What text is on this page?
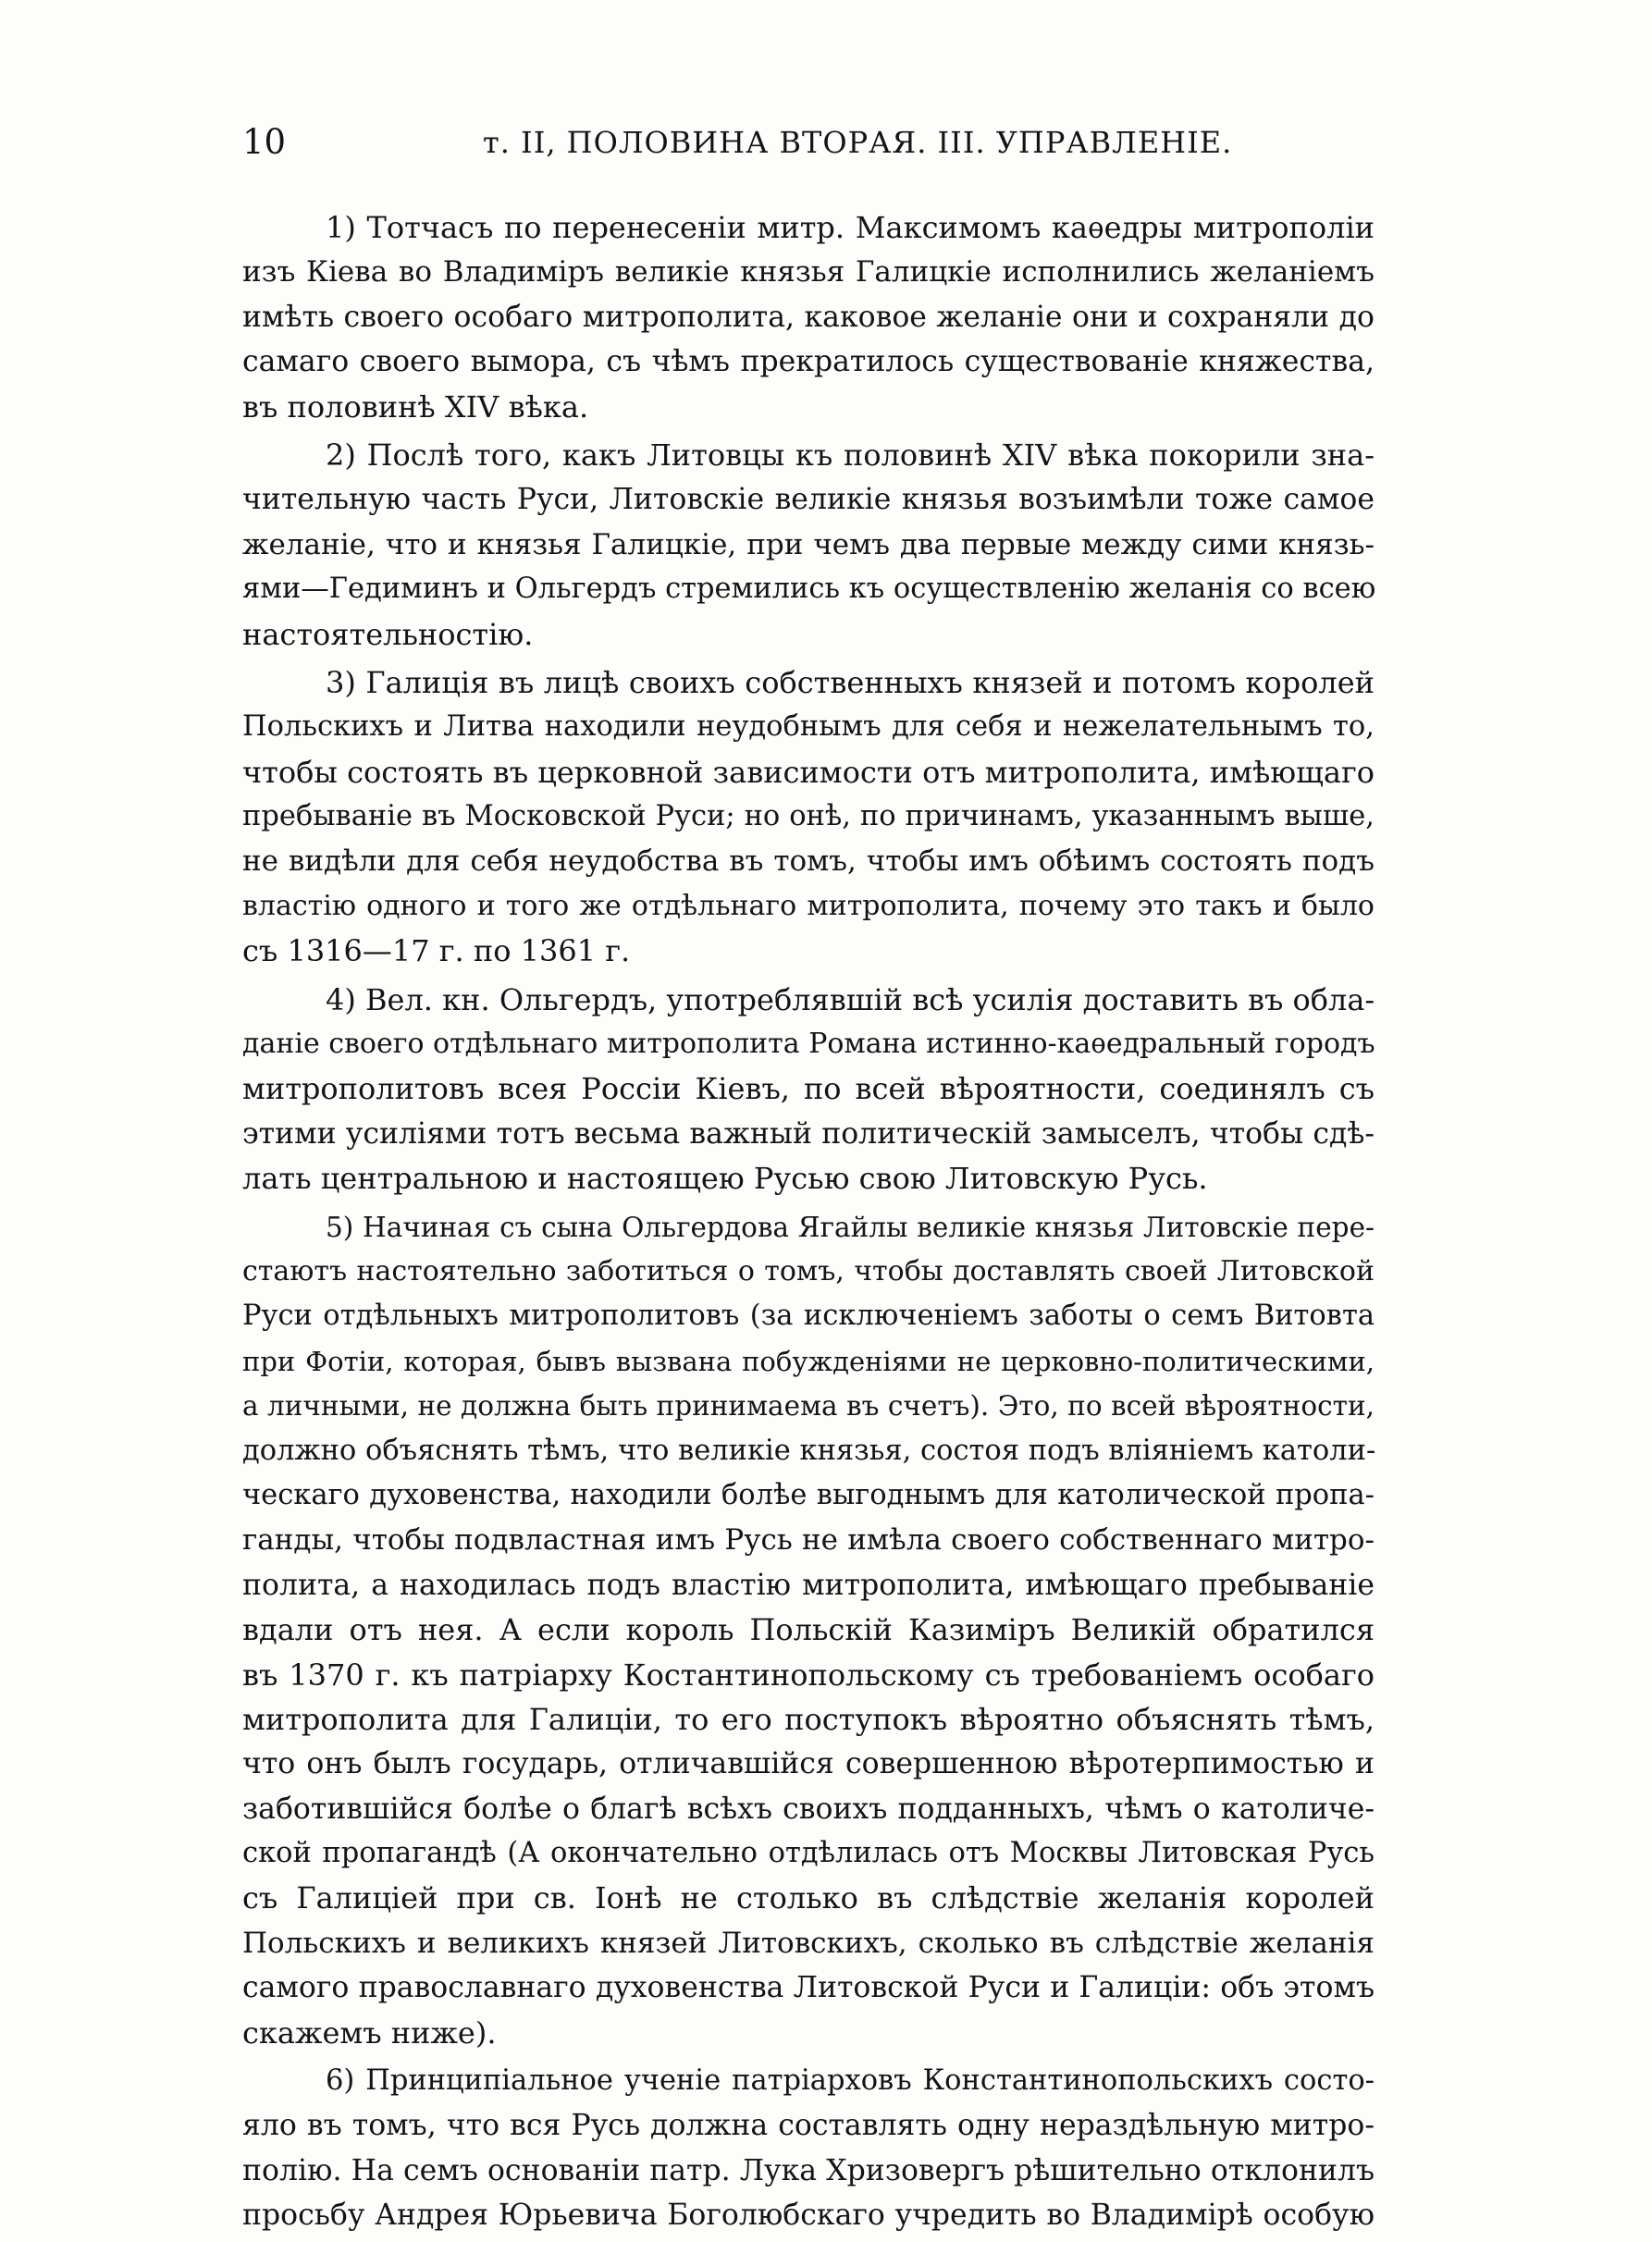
10	т. II, ПОЛОВИНА ВТОРАЯ. III. УПРАВЛЕНІЕ.
1) Тотчасъ по перенесеніи митр. Максимомъ каѳедры митрополіи
изъ Кіева во Владиміръ великіе князья Галицкіе исполнились желаніемъ
имѣть своего особаго митрополита, каковое желаніе они и сохраняли до
самаго своего вымора, съ чѣмъ прекратилось существованіе княжества,
въ половинѣ XIV вѣка.
2) Послѣ того, какъ Литовцы къ половинѣ XIV вѣка покорили зна-
чительную часть Руси, Литовскіе великіе князья возъимѣли тоже самое
желаніе, что и князья Галицкіе, при чемъ два первые между сими князь-
ями—Гедиминъ и Ольгердъ стремились къ осуществленію желанія со всею
настоятельностію.
3) Галиція въ лицѣ своихъ собственныхъ князей и потомъ королей
Польскихъ и Литва находили неудобнымъ для себя и нежелательнымъ то,
чтобы состоять въ церковной зависимости отъ митрополита, имѣющаго
пребываніе въ Московской Руси; но онѣ, по причинамъ, указаннымъ выше,
не видѣли для себя неудобства въ томъ, чтобы имъ обѣимъ состоять подъ
властію одного и того же отдѣльнаго митрополита, почему это такъ и было
съ 1316—17 г. по 1361 г.
4) Вел. кн. Ольгердъ, употреблявшій всѣ усилія доставить въ обла-
даніе своего отдѣльнаго митрополита Романа истинно-каѳедральный городъ
митрополитовъ всея Россіи Кіевъ, по всей вѣроятности, соединялъ съ
этими усиліями тотъ весьма важный политическій замыселъ, чтобы сдѣ-
лать центральною и настоящею Русью свою Литовскую Русь.
5) Начиная съ сына Ольгердова Ягайлы великіе князья Литовскіе пере-
стаютъ настоятельно заботиться о томъ, чтобы доставлять своей Литовской
Руси отдѣльныхъ митрополитовъ (за исключеніемъ заботы о семъ Витовта
при Фотіи, которая, бывъ вызвана побужденіями не церковно-политическими,
а личными, не должна быть принимаема въ счетъ). Это, по всей вѣроятности,
должно объяснять тѣмъ, что великіе князья, состоя подъ вліяніемъ католи-
ческаго духовенства, находили болѣе выгоднымъ для католической пропа-
ганды, чтобы подвластная имъ Русь не имѣла своего собственнаго митро-
полита, а находилась подъ властію митрополита, имѣющаго пребываніе
вдали отъ нея. А если король Польскій Казиміръ Великій обратился
въ 1370 г. къ патріарху Костантинопольскому съ требованіемъ особаго
митрополита для Галиціи, то его поступокъ вѣроятно объяснять тѣмъ,
что онъ былъ государь, отличавшійся совершенною вѣротерпимостью и
заботившійся болѣе о благѣ всѣхъ своихъ подданныхъ, чѣмъ о католиче-
ской пропагандѣ (А окончательно отдѣлилась отъ Москвы Литовская Русь
съ Галиціей при св. Іонѣ не столько въ слѣдствіе желанія королей
Польскихъ и великихъ князей Литовскихъ, сколько въ слѣдствіе желанія
самого православнаго духовенства Литовской Руси и Галиціи: объ этомъ
скажемъ ниже).
6) Принципіальное ученіе патріарховъ Константинопольскихъ состо-
яло въ томъ, что вся Русь должна составлять одну нераздѣльную митро-
полію. На семъ основаніи патр. Лука Хризовергъ рѣшительно отклонилъ
просьбу Андрея Юрьевича Боголюбскаго учредить во Владимірѣ особую
